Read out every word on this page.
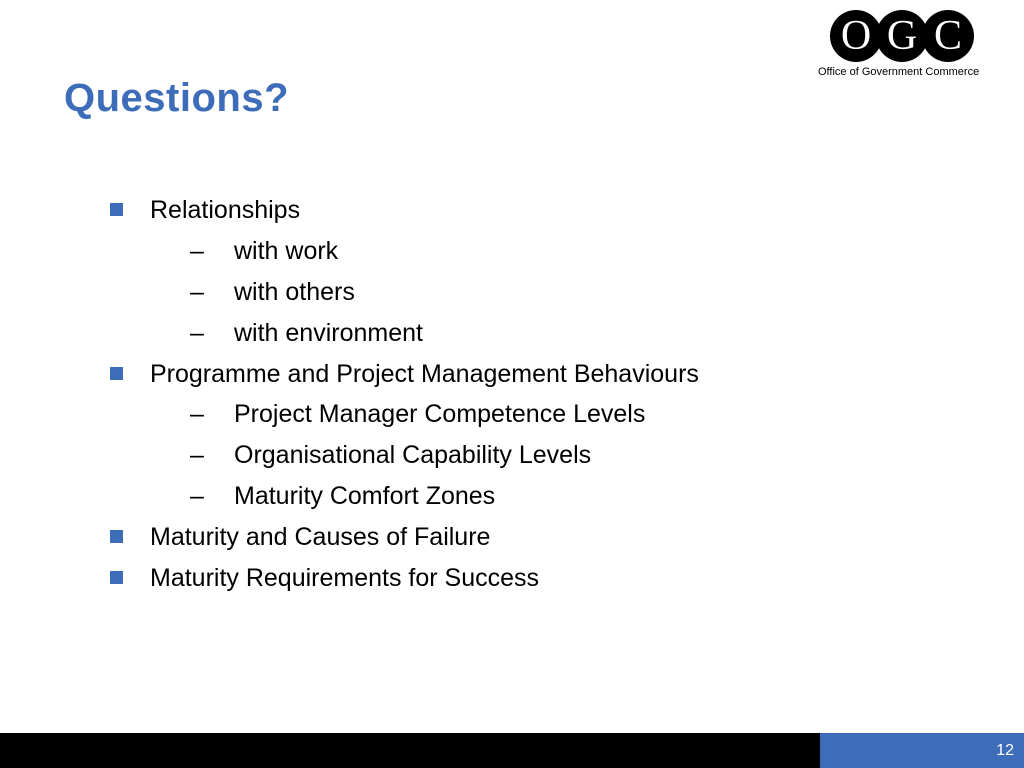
O G C
Office of Government Commerce
Questions?
Relationships
– with work
– with others
– with environment
Programme and Project Management Behaviours
– Project Manager Competence Levels
– Organisational Capability Levels
– Maturity Comfort Zones
Maturity and Causes of Failure
Maturity Requirements for Success
12
